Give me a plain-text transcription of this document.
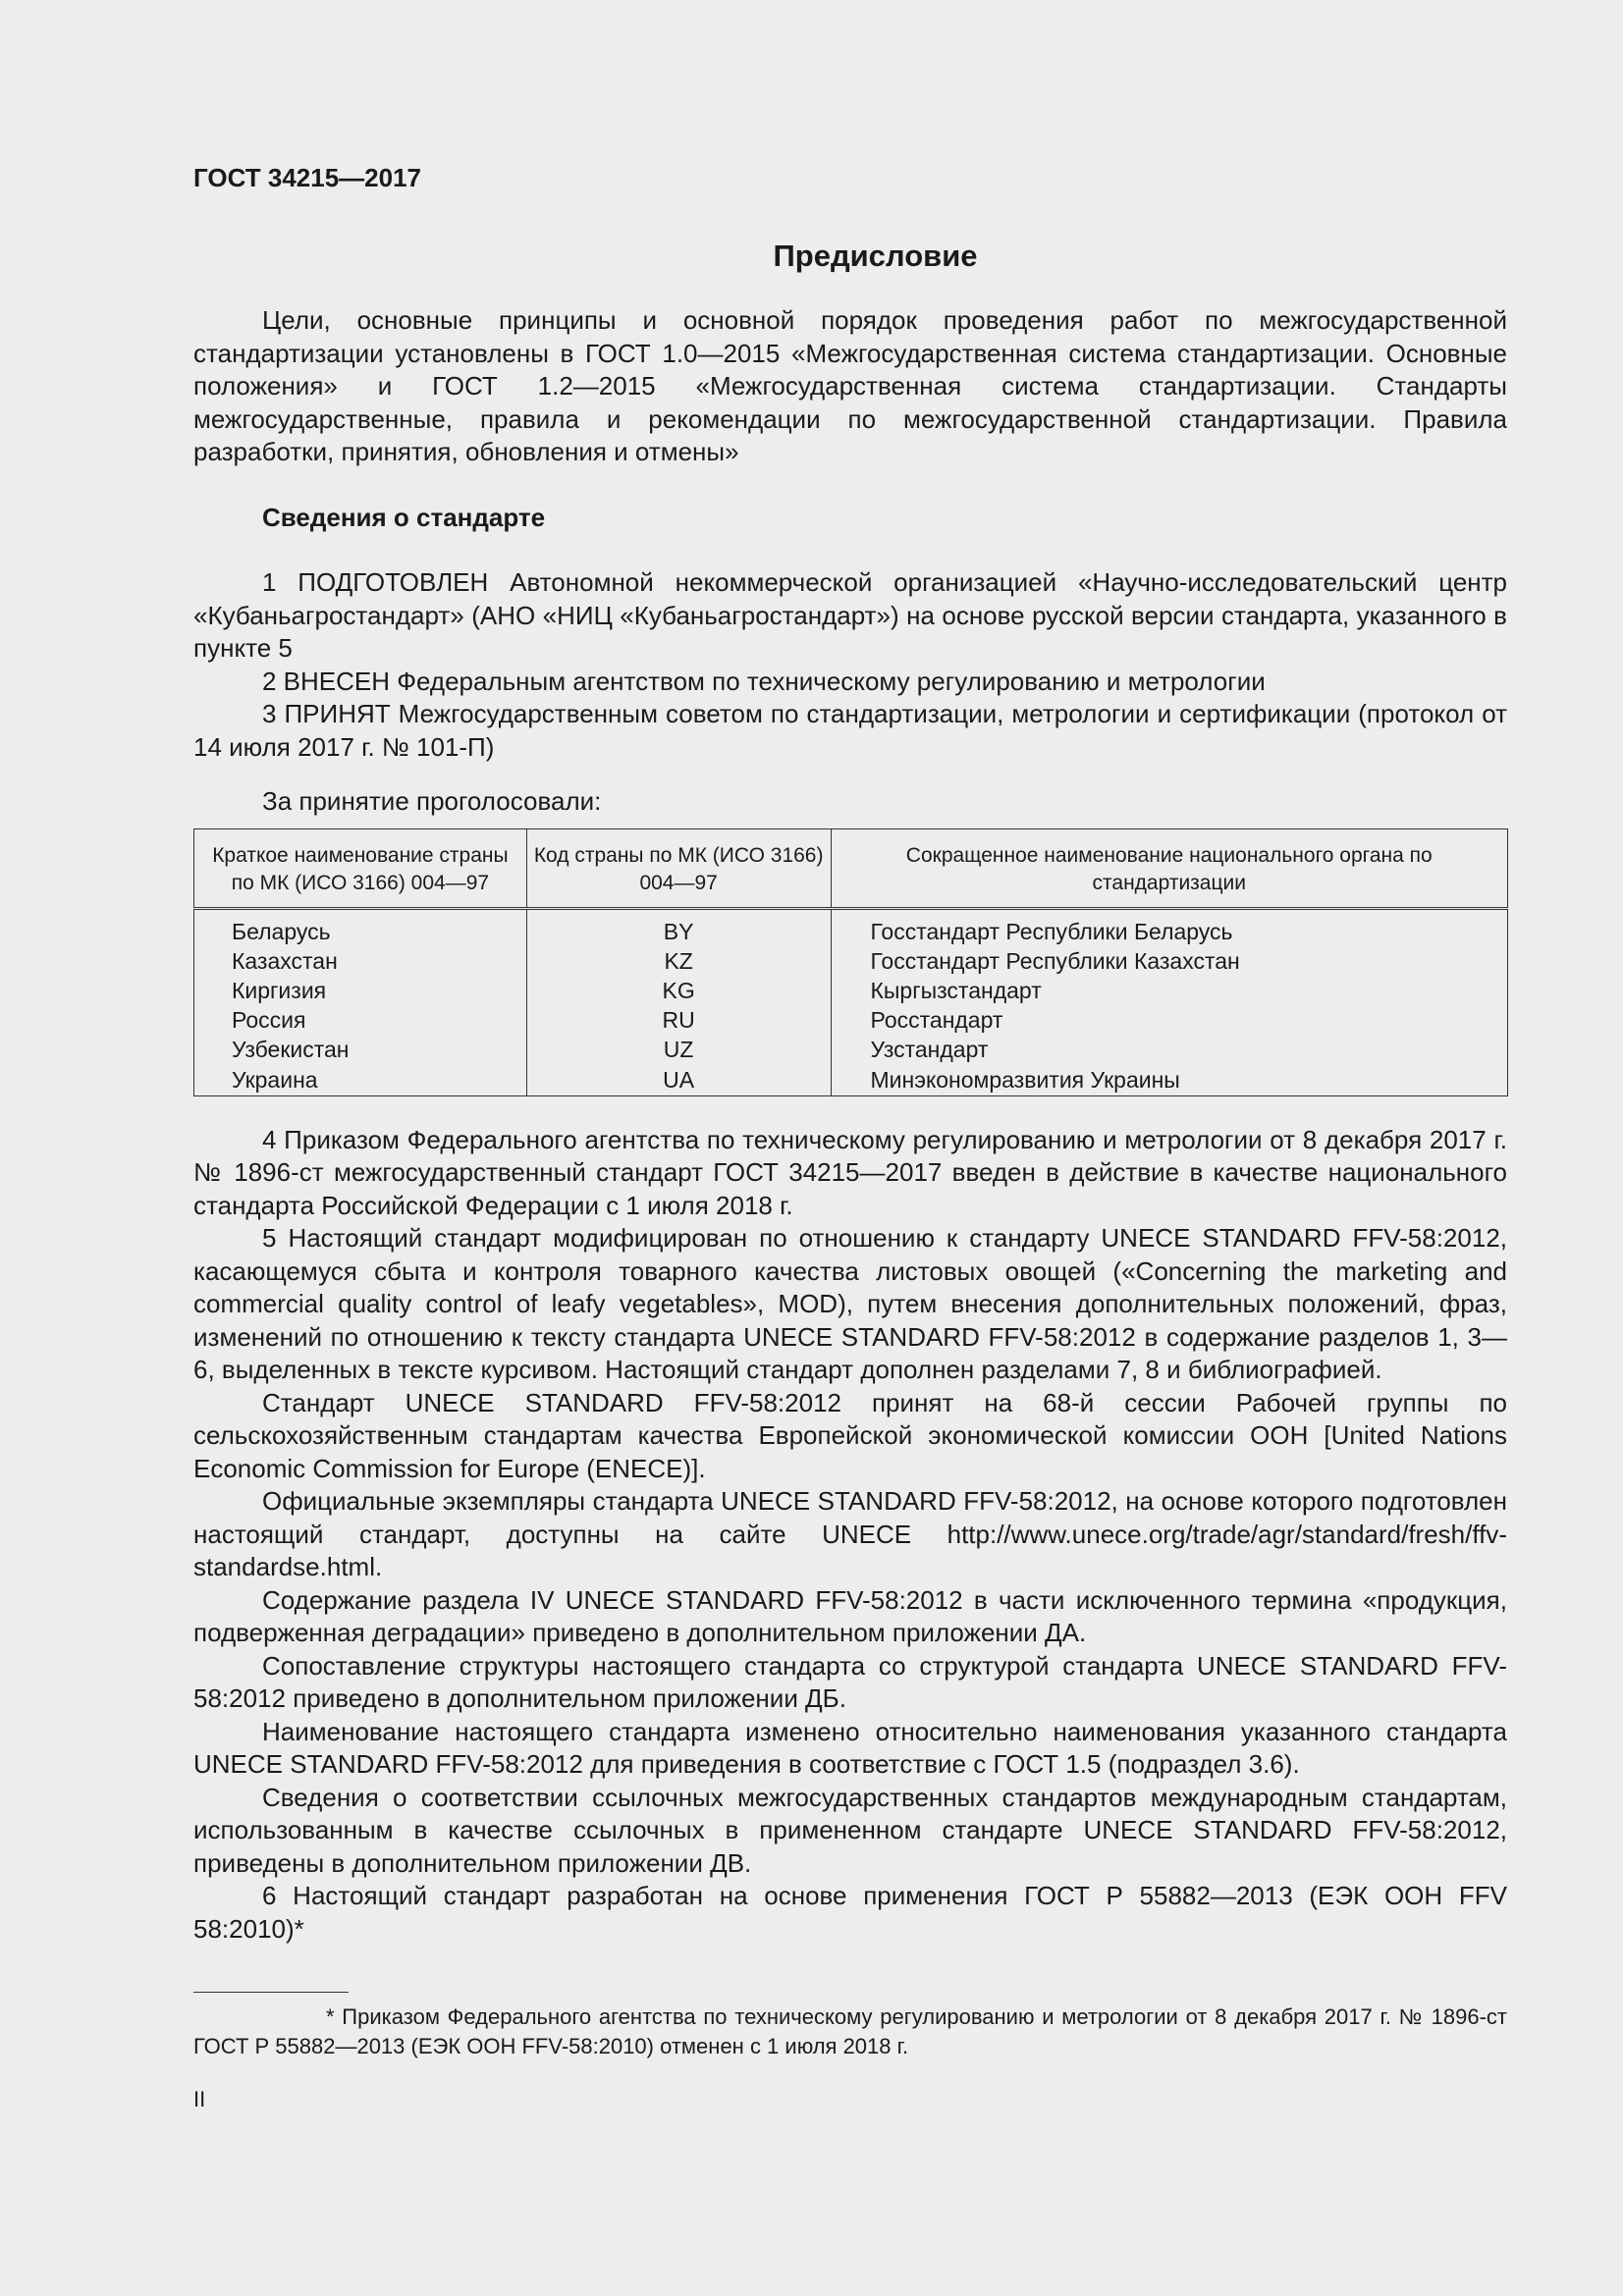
ГОСТ 34215—2017
Предисловие

Цели, основные принципы и основной порядок проведения работ по межгосударственной стандартизации установлены в ГОСТ 1.0—2015 «Межгосударственная система стандартизации. Основные положения» и ГОСТ 1.2—2015 «Межгосударственная система стандартизации. Стандарты межгосударственные, правила и рекомендации по межгосударственной стандартизации. Правила разработки, принятия, обновления и отмены»

Сведения о стандарте

1 ПОДГОТОВЛЕН Автономной некоммерческой организацией «Научно-исследовательский центр «Кубаньагростандарт» (АНО «НИЦ «Кубаньагростандарт») на основе русской версии стандарта, указанного в пункте 5

2 ВНЕСЕН Федеральным агентством по техническому регулированию и метрологии

3 ПРИНЯТ Межгосударственным советом по стандартизации, метрологии и сертификации (протокол от 14 июля 2017 г. № 101-П)

За принятие проголосовали:

Краткое наименование страны по МК (ИСО 3166) 004—97	Код страны по МК (ИСО 3166) 004—97	Сокращенное наименование национального органа по стандартизации
Беларусь	BY	Госстандарт Республики Беларусь
Казахстан	KZ	Госстандарт Республики Казахстан
Киргизия	KG	Кыргызстандарт
Россия	RU	Росстандарт
Узбекистан	UZ	Узстандарт
Украина	UA	Минэкономразвития Украины

4 Приказом Федерального агентства по техническому регулированию и метрологии от 8 декабря 2017 г. № 1896-ст межгосударственный стандарт ГОСТ 34215—2017 введен в действие в качестве национального стандарта Российской Федерации с 1 июля 2018 г.

5 Настоящий стандарт модифицирован по отношению к стандарту UNECE STANDARD FFV-58:2012, касающемуся сбыта и контроля товарного качества листовых овощей («Concerning the marketing and commercial quality control of leafy vegetables», MOD), путем внесения дополнительных положений, фраз, изменений по отношению к тексту стандарта UNECE STANDARD FFV-58:2012 в содержание разделов 1, 3—6, выделенных в тексте курсивом. Настоящий стандарт дополнен разделами 7, 8 и библиографией.

Стандарт UNECE STANDARD FFV-58:2012 принят на 68-й сессии Рабочей группы по сельскохозяйственным стандартам качества Европейской экономической комиссии ООН [United Nations Economic Commission for Europe (ENECE)].

Официальные экземпляры стандарта UNECE STANDARD FFV-58:2012, на основе которого подготовлен настоящий стандарт, доступны на сайте UNECE http://www.unece.org/trade/agr/standard/fresh/ffv-standardse.html.

Содержание раздела IV UNECE STANDARD FFV-58:2012 в части исключенного термина «продукция, подверженная деградации» приведено в дополнительном приложении ДА.

Сопоставление структуры настоящего стандарта со структурой стандарта UNECE STANDARD FFV-58:2012 приведено в дополнительном приложении ДБ.

Наименование настоящего стандарта изменено относительно наименования указанного стандарта UNECE STANDARD FFV-58:2012 для приведения в соответствие с ГОСТ 1.5 (подраздел 3.6).

Сведения о соответствии ссылочных межгосударственных стандартов международным стандартам, использованным в качестве ссылочных в примененном стандарте UNECE STANDARD FFV-58:2012, приведены в дополнительном приложении ДВ.

6 Настоящий стандарт разработан на основе применения ГОСТ Р 55882—2013 (ЕЭК ООН FFV 58:2010)*

* Приказом Федерального агентства по техническому регулированию и метрологии от 8 декабря 2017 г. № 1896-ст ГОСТ Р 55882—2013 (ЕЭК ООН FFV-58:2010) отменен с 1 июля 2018 г.

II
